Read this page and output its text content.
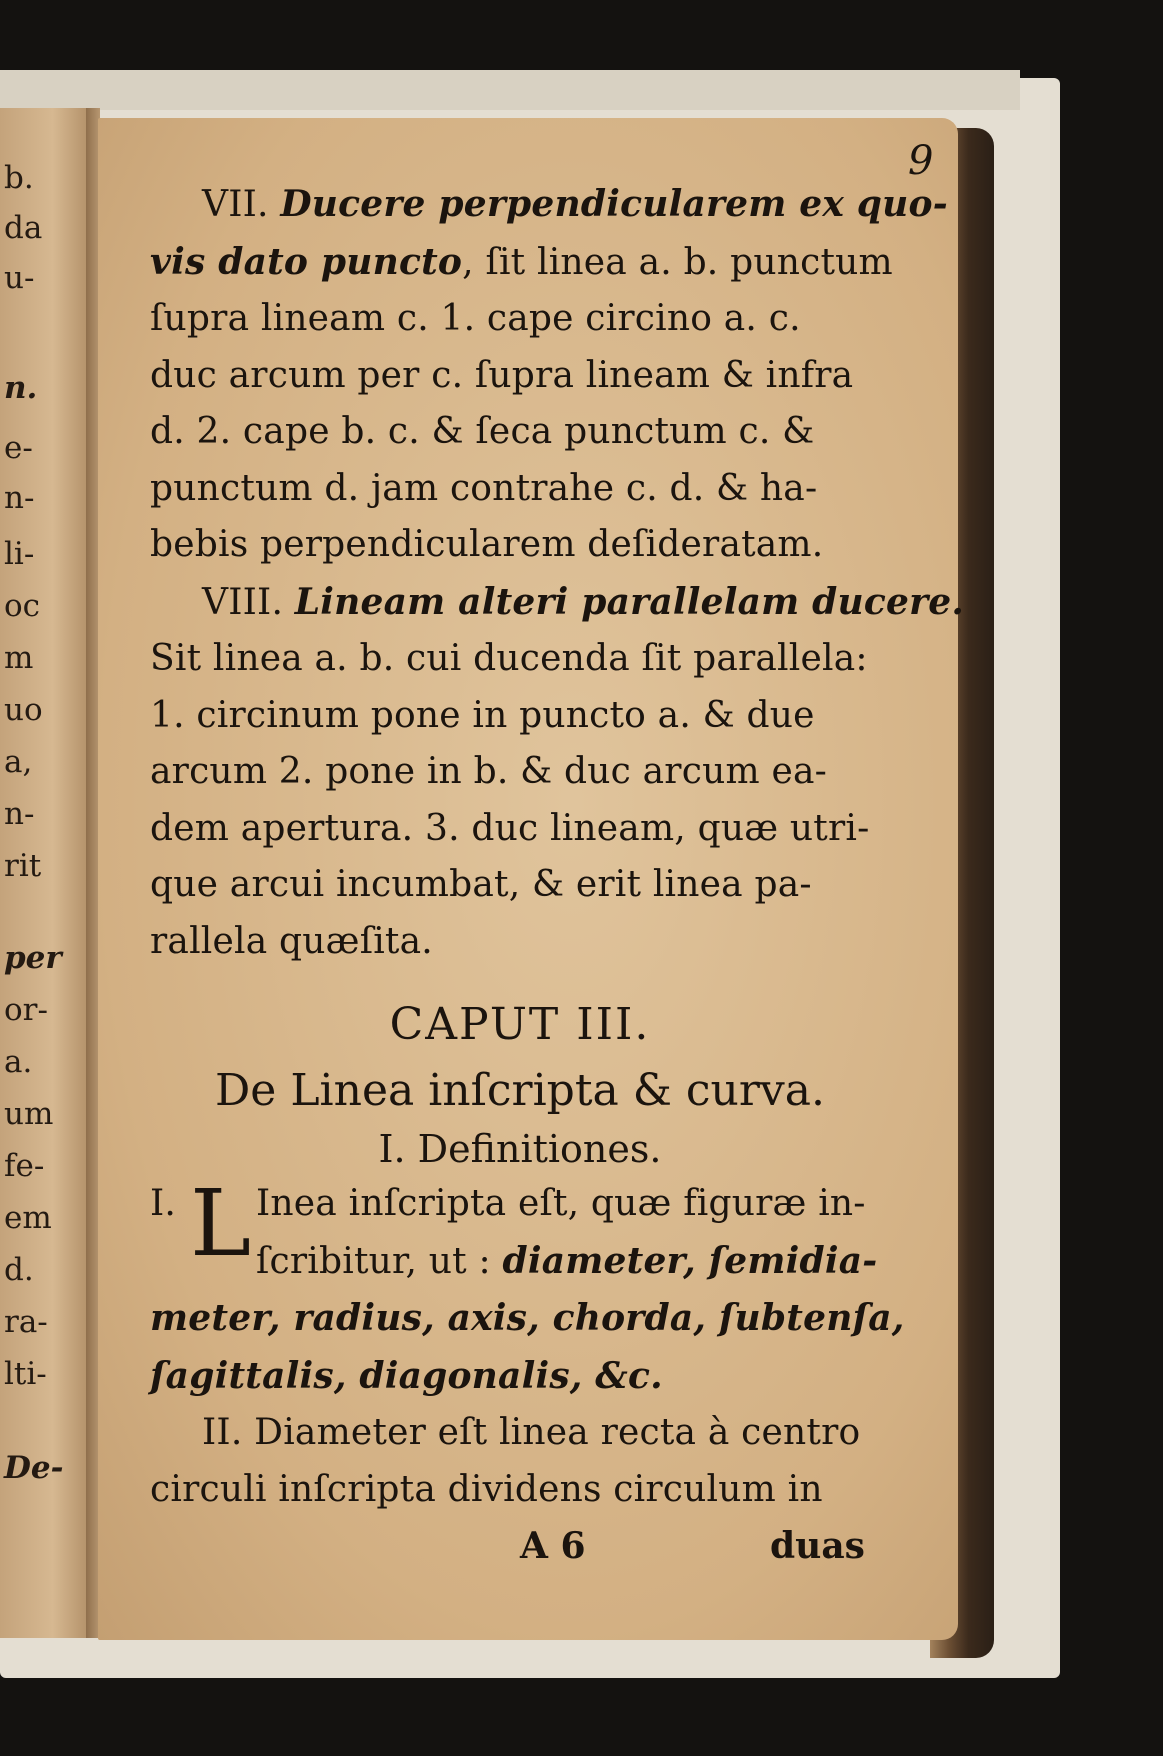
b.
da
u-
n.
e-
n-
li-
oc
m
uo
a,
n-
rit
per
or-
a.
um
fe-
em
d.
ra-
lti-
De-
9
VII. Ducere perpendicularem ex quo-
vis dato puncto, ſit linea a. b. punctum
ſupra lineam c. 1. cape circino a. c.
duc arcum per c. ſupra lineam & infra
d. 2. cape b. c. & ſeca punctum c. &
punctum d. jam contrahe c. d. & ha-
bebis perpendicularem deſideratam.
VIII. Lineam alteri parallelam ducere.
Sit linea a. b. cui ducenda ſit parallela:
1. circinum pone in puncto a. & due
arcum 2. pone in b. & duc arcum ea-
dem apertura. 3. duc lineam, quæ utri-
que arcui incumbat, & erit linea pa-
rallela quæſita.
CAPUT III.
De Linea inſcripta & curva.
I. Definitiones.
I. L Inea inſcripta eſt, quæ figuræ in-
ſcribitur, ut : diameter, ſemidia-
meter, radius, axis, chorda, ſubtenſa,
ſagittalis, diagonalis, &c.
II. Diameter eſt linea recta à centro
circuli inſcripta dividens circulum in
A 6	duas
